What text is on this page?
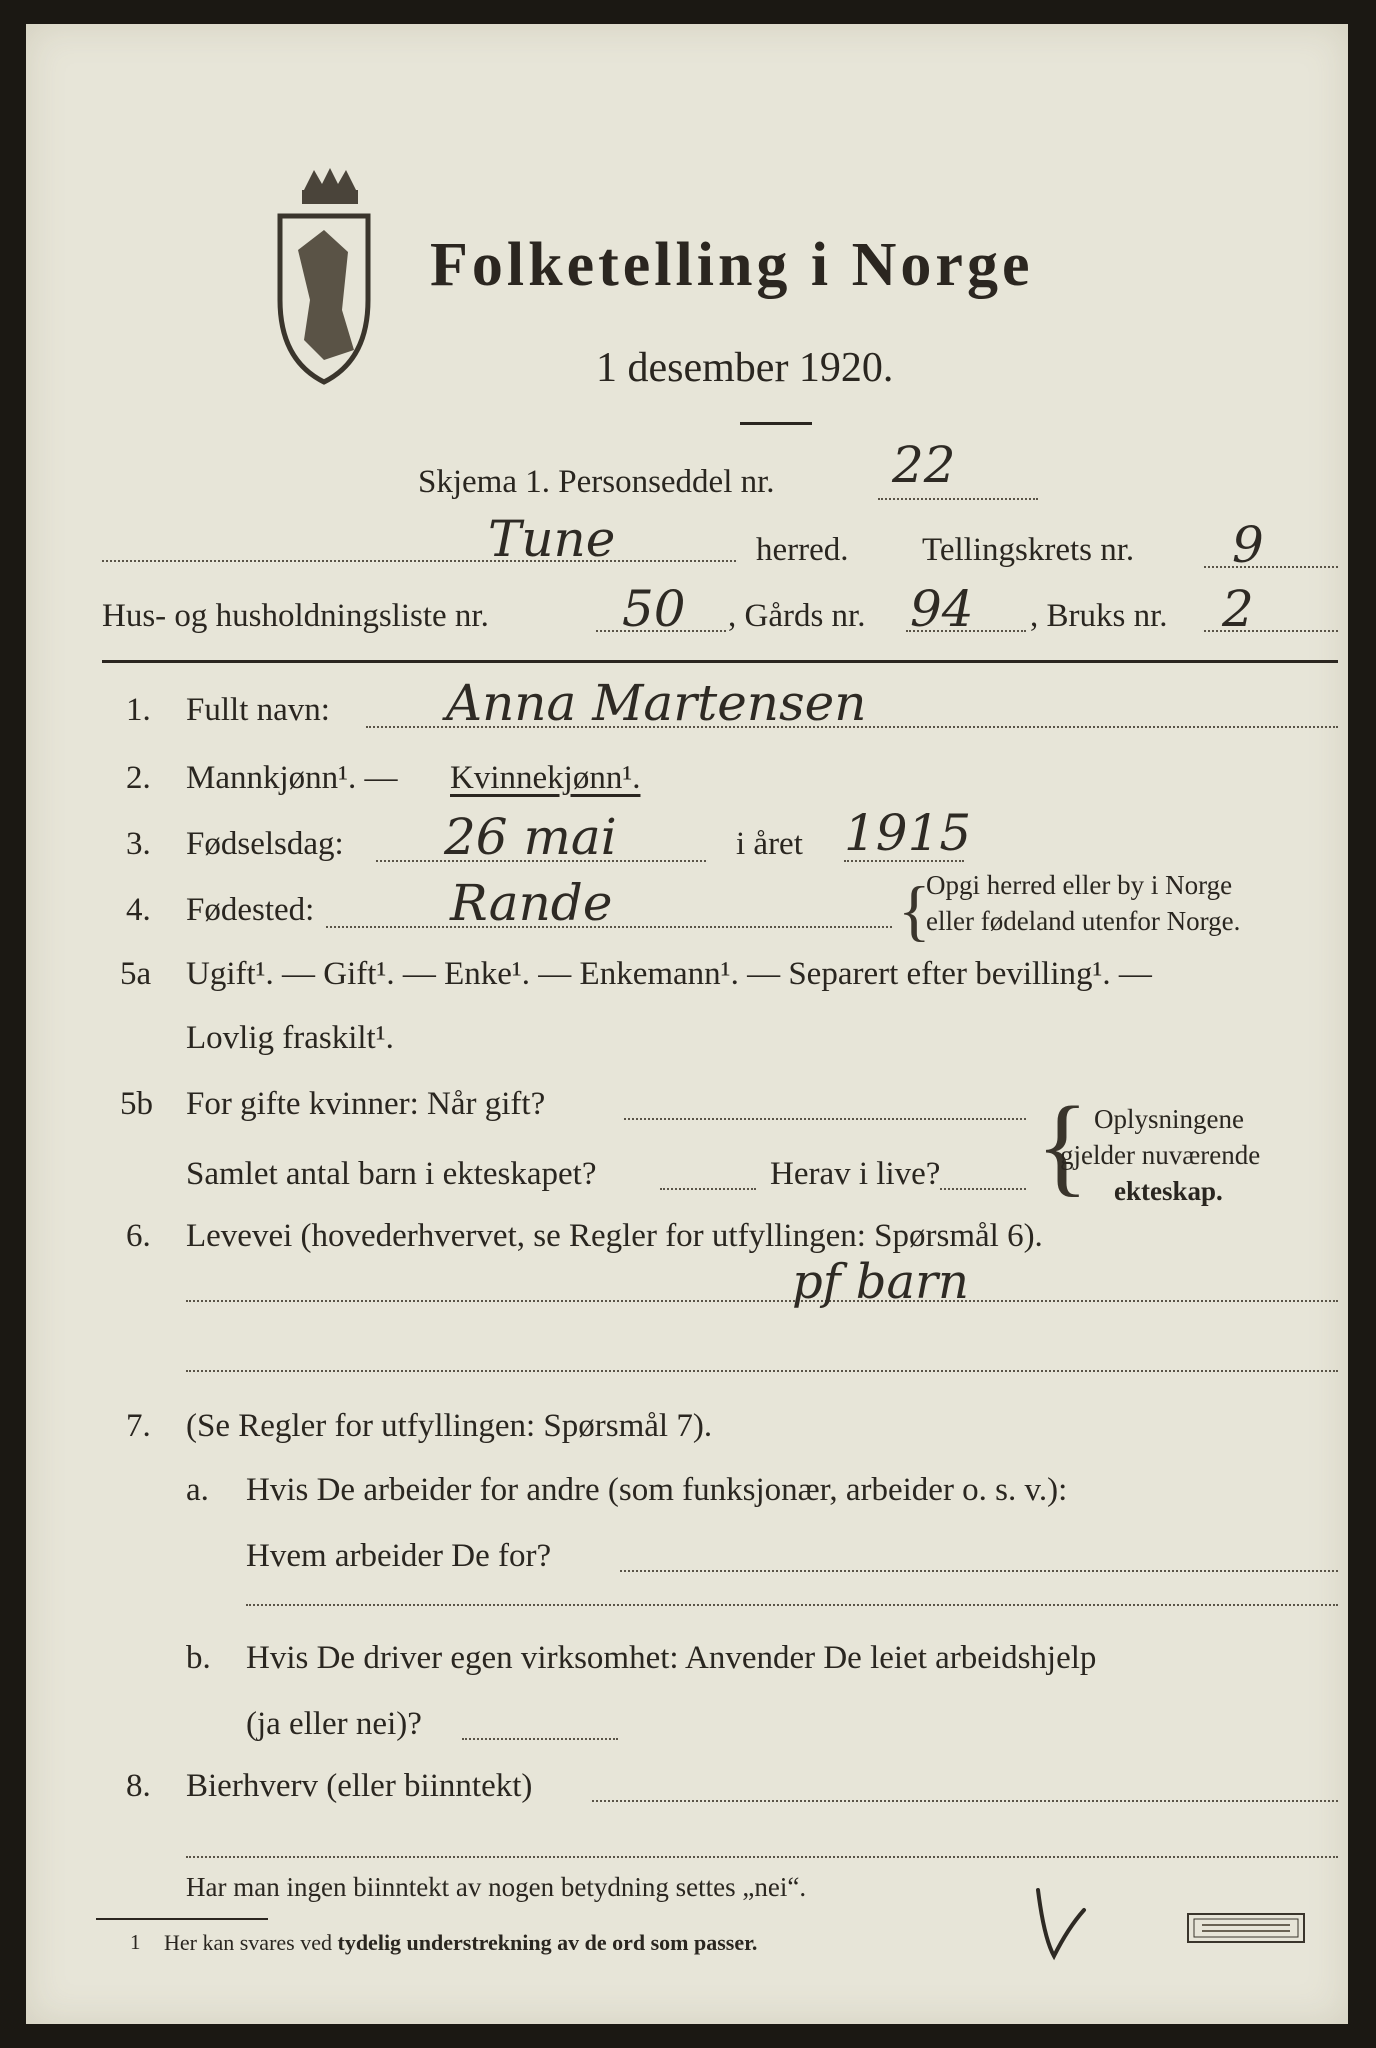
Folketelling i Norge
1 desember 1920.
Skjema 1. Personseddel nr. 22
Tune	herred. Tellingskrets nr. 9
Hus- og husholdningsliste nr.	50 , Gårds nr. 94 , Bruks nr. 2
1. Fullt navn: Anna Martensen
2. Mannkjønn¹. — Kvinnekjønn¹.
3. Fødselsdag: 26 mai	i året 1915
4. Fødested:	Rande	{
Opgi herred eller by i Norge
eller fødeland utenfor Norge.
5a Ugift¹. — Gift¹. — Enke¹. — Enkemann¹. — Separert efter bevilling¹. —
Lovlig fraskilt¹.
5b For gifte kvinner: Når gift?
Samlet antal barn i ekteskapet?	Herav i live? { Oplysningene
gjelder nuværende
ekteskap.
6. Levevei (hovederhvervet, se Regler for utfyllingen: Spørsmål 6).
pf barn
7. (Se Regler for utfyllingen: Spørsmål 7).
a. Hvis De arbeider for andre (som funksjonær, arbeider o. s. v.):
Hvem arbeider De for?
b. Hvis De driver egen virksomhet: Anvender De leiet arbeidshjelp
(ja eller nei)?
8. Bierhverv (eller biinntekt)
Har man ingen biinntekt av nogen betydning settes „nei“.
1 Her kan svares ved tydelig understrekning av de ord som passer.
